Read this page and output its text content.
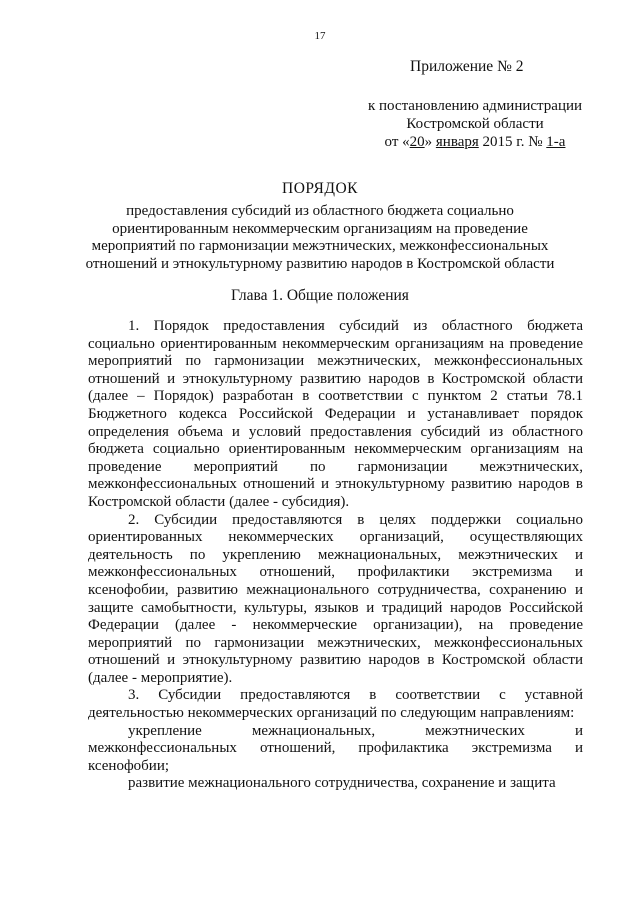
17
Приложение № 2
к постановлению администрации
Костромской области
от «20» января 2015 г. № 1-а
ПОРЯДОК
предоставления субсидий из областного бюджета социально ориентированным некоммерческим организациям на проведение мероприятий по гармонизации межэтнических, межконфессиональных отношений и этнокультурному развитию народов в Костромской области
Глава 1. Общие положения

1. Порядок предоставления субсидий из областного бюджета социально ориентированным некоммерческим организациям на проведение мероприятий по гармонизации межэтнических, межконфессиональных отношений и этнокультурному развитию народов в Костромской области (далее – Порядок) разработан в соответствии с пунктом 2 статьи 78.1 Бюджетного кодекса Российской Федерации и устанавливает порядок определения объема и условий предоставления субсидий из областного бюджета социально ориентированным некоммерческим организациям на проведение мероприятий по гармонизации межэтнических, межконфессиональных отношений и этнокультурному развитию народов в Костромской области (далее - субсидия).

2. Субсидии предоставляются в целях поддержки социально ориентированных некоммерческих организаций, осуществляющих деятельность по укреплению межнациональных, межэтнических и межконфессиональных отношений, профилактики экстремизма и ксенофобии, развитию межнационального сотрудничества, сохранению и защите самобытности, культуры, языков и традиций народов Российской Федерации (далее - некоммерческие организации), на проведение мероприятий по гармонизации межэтнических, межконфессиональных отношений и этнокультурному развитию народов в Костромской области (далее - мероприятие).

3. Субсидии предоставляются в соответствии с уставной деятельностью некоммерческих организаций по следующим направлениям:

укрепление межнациональных, межэтнических и межконфессиональных отношений, профилактика экстремизма и ксенофобии;

развитие межнационального сотрудничества, сохранение и защита
